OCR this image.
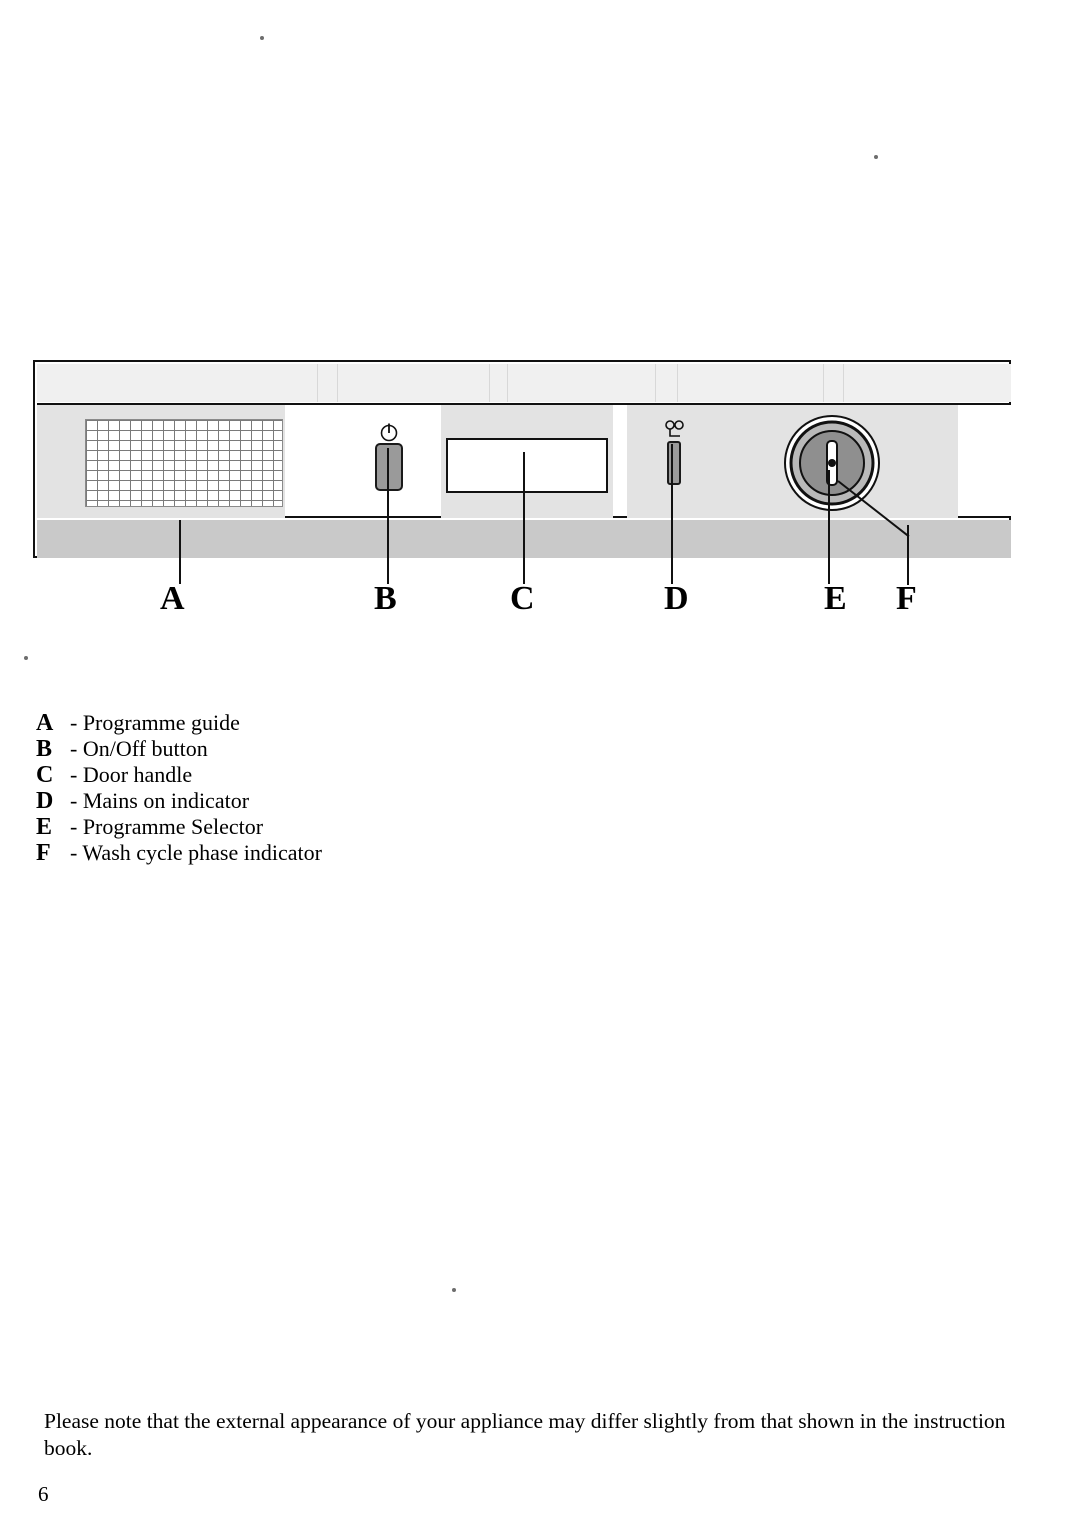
A	B	C	D	E F
A - Programme guide
B - On/Off button
C - Door handle
D - Mains on indicator
E - Programme Selector
F - Wash cycle phase indicator
Please note that the external appearance of your appliance may differ slightly from that shown in the instruction book.
6
